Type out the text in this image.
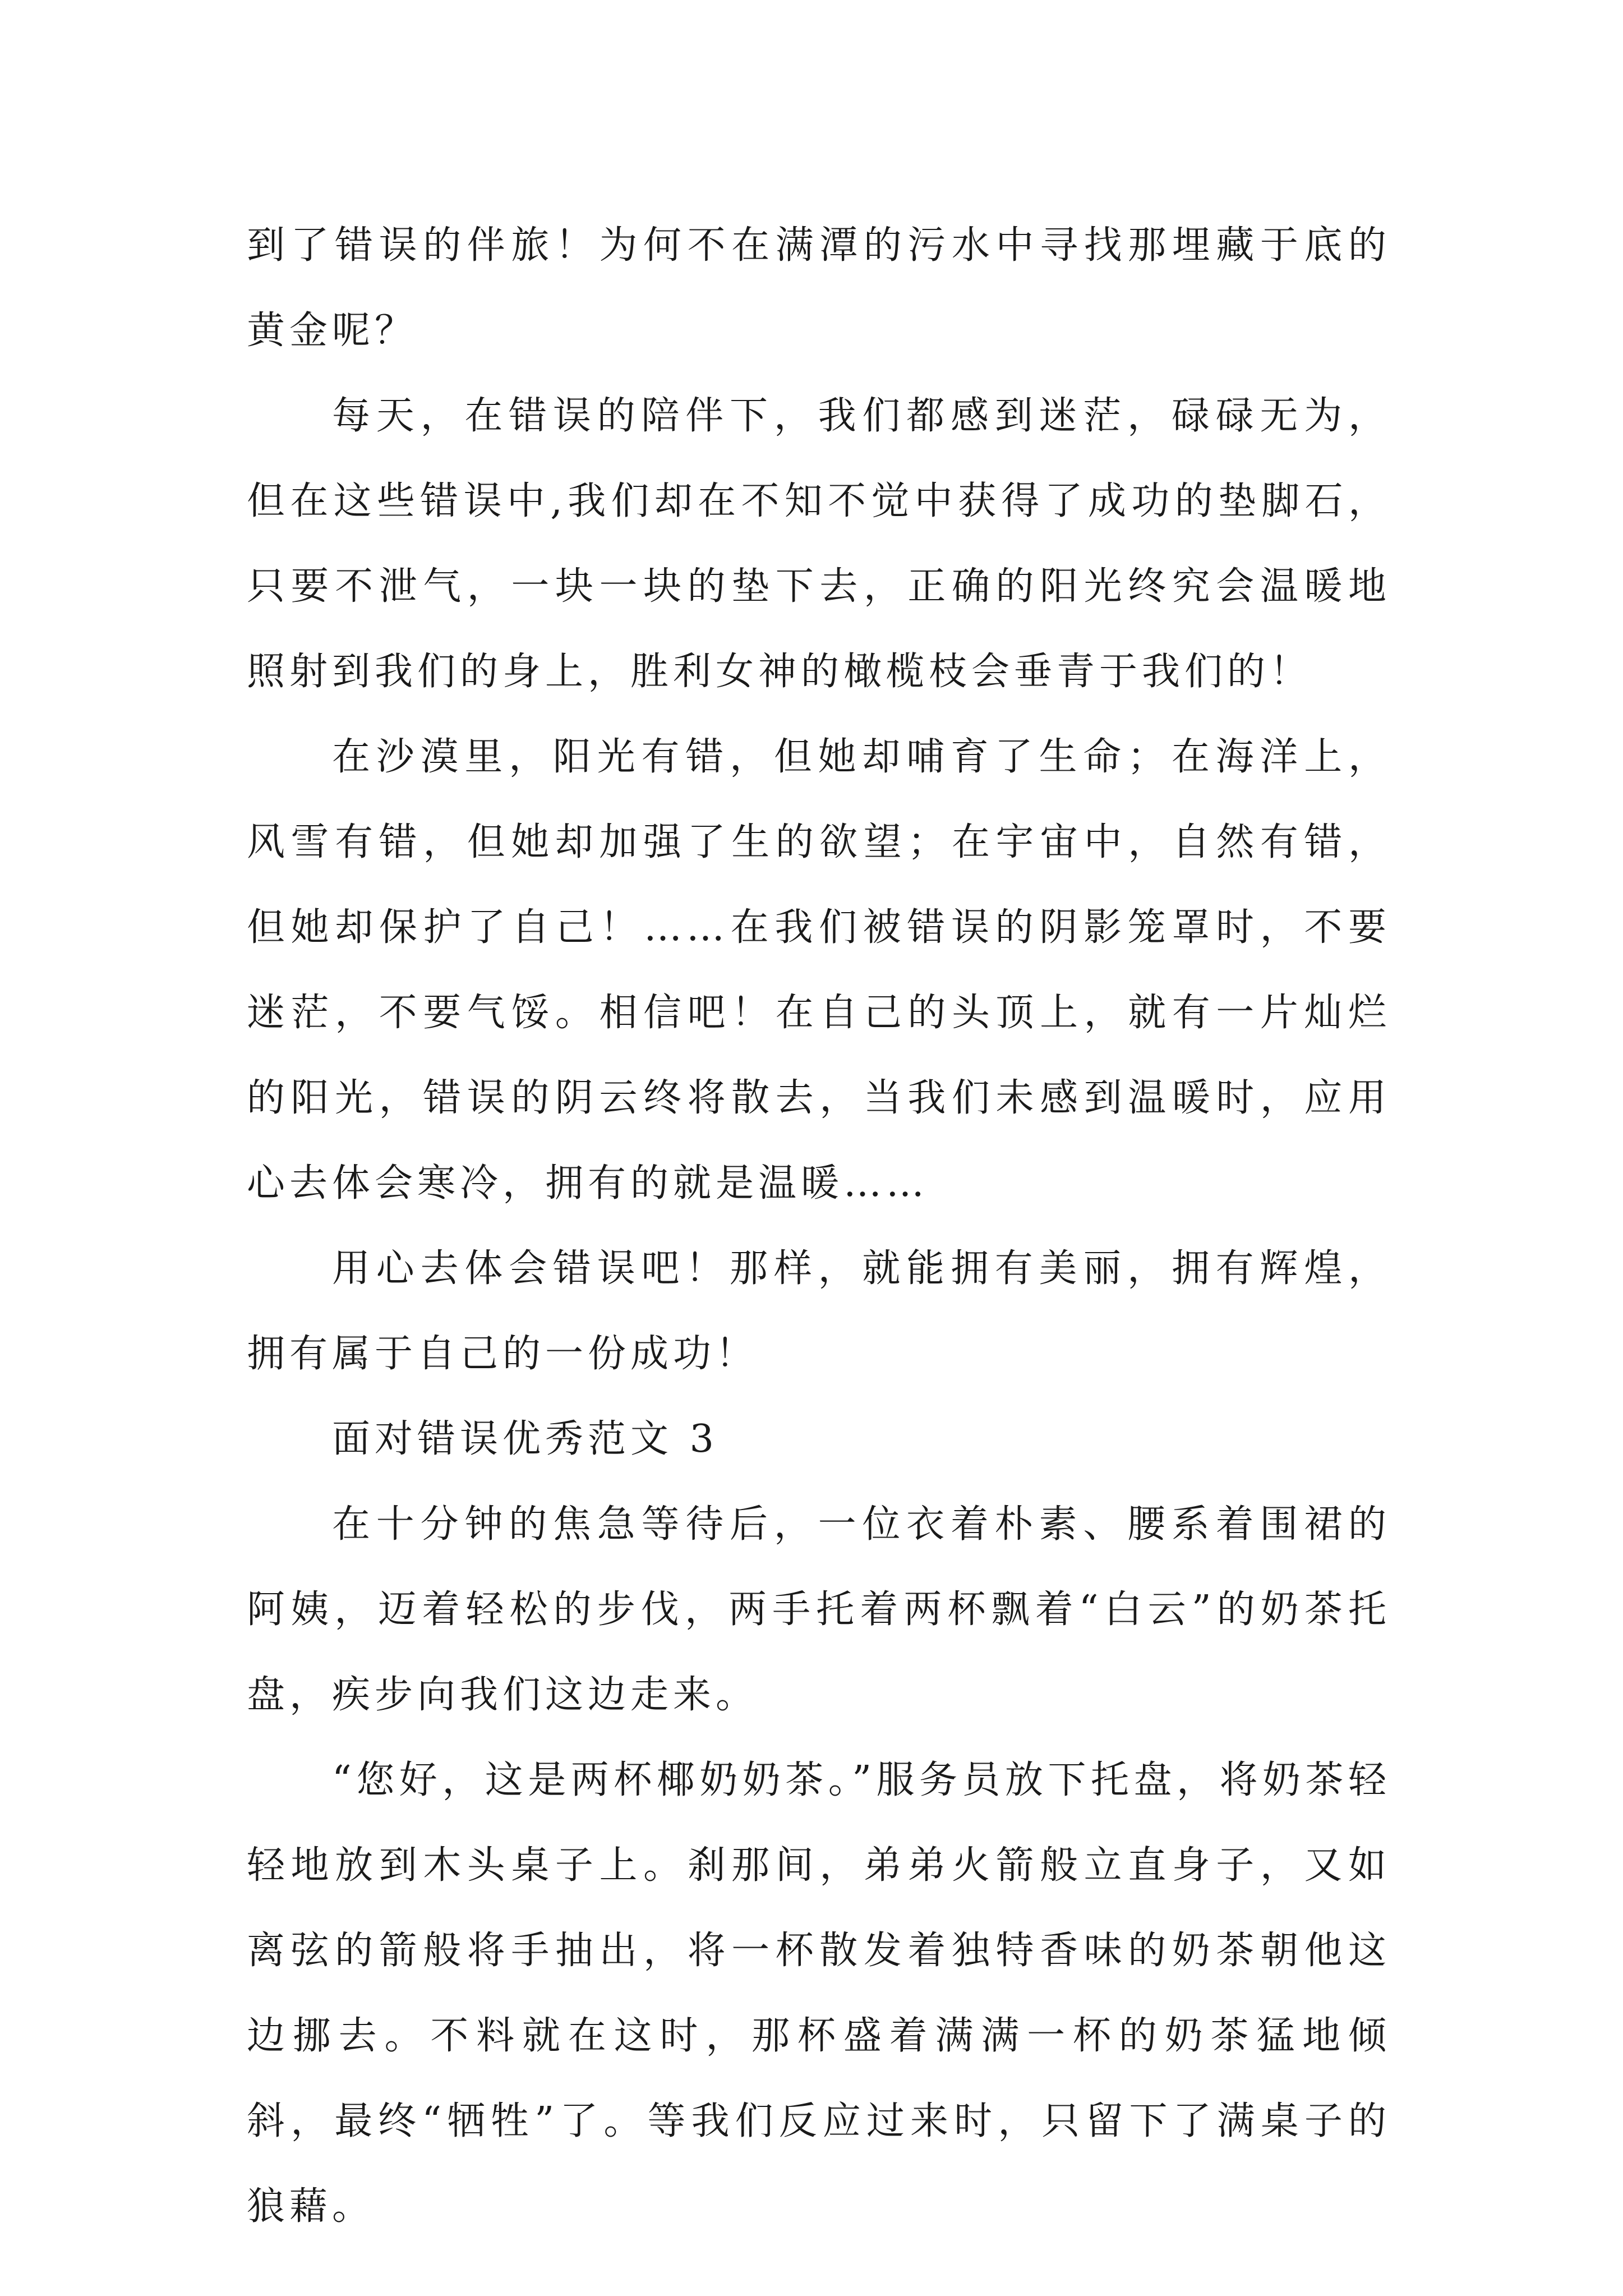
到了错误的伴旅！为何不在满潭的污水中寻找那埋藏于底的黄金呢？

每天，在错误的陪伴下，我们都感到迷茫，碌碌无为，但在这些错误中,我们却在不知不觉中获得了成功的垫脚石，只要不泄气，一块一块的垫下去，正确的阳光终究会温暖地照射到我们的身上，胜利女神的橄榄枝会垂青于我们的！

在沙漠里，阳光有错，但她却哺育了生命；在海洋上，风雪有错，但她却加强了生的欲望；在宇宙中，自然有错，但她却保护了自己！……在我们被错误的阴影笼罩时，不要迷茫，不要气馁。相信吧！在自己的头顶上，就有一片灿烂的阳光，错误的阴云终将散去，当我们未感到温暖时，应用心去体会寒冷，拥有的就是温暖……

用心去体会错误吧！那样，就能拥有美丽，拥有辉煌，拥有属于自己的一份成功！

面对错误优秀范文 3

在十分钟的焦急等待后，一位衣着朴素、腰系着围裙的阿姨，迈着轻松的步伐，两手托着两杯飘着“白云”的奶茶托盘，疾步向我们这边走来。

“您好，这是两杯椰奶奶茶。”服务员放下托盘，将奶茶轻轻地放到木头桌子上。刹那间，弟弟火箭般立直身子，又如离弦的箭般将手抽出，将一杯散发着独特香味的奶茶朝他这边挪去。不料就在这时，那杯盛着满满一杯的奶茶猛地倾斜，最终“牺牲”了。等我们反应过来时，只留下了满桌子的狼藉。
